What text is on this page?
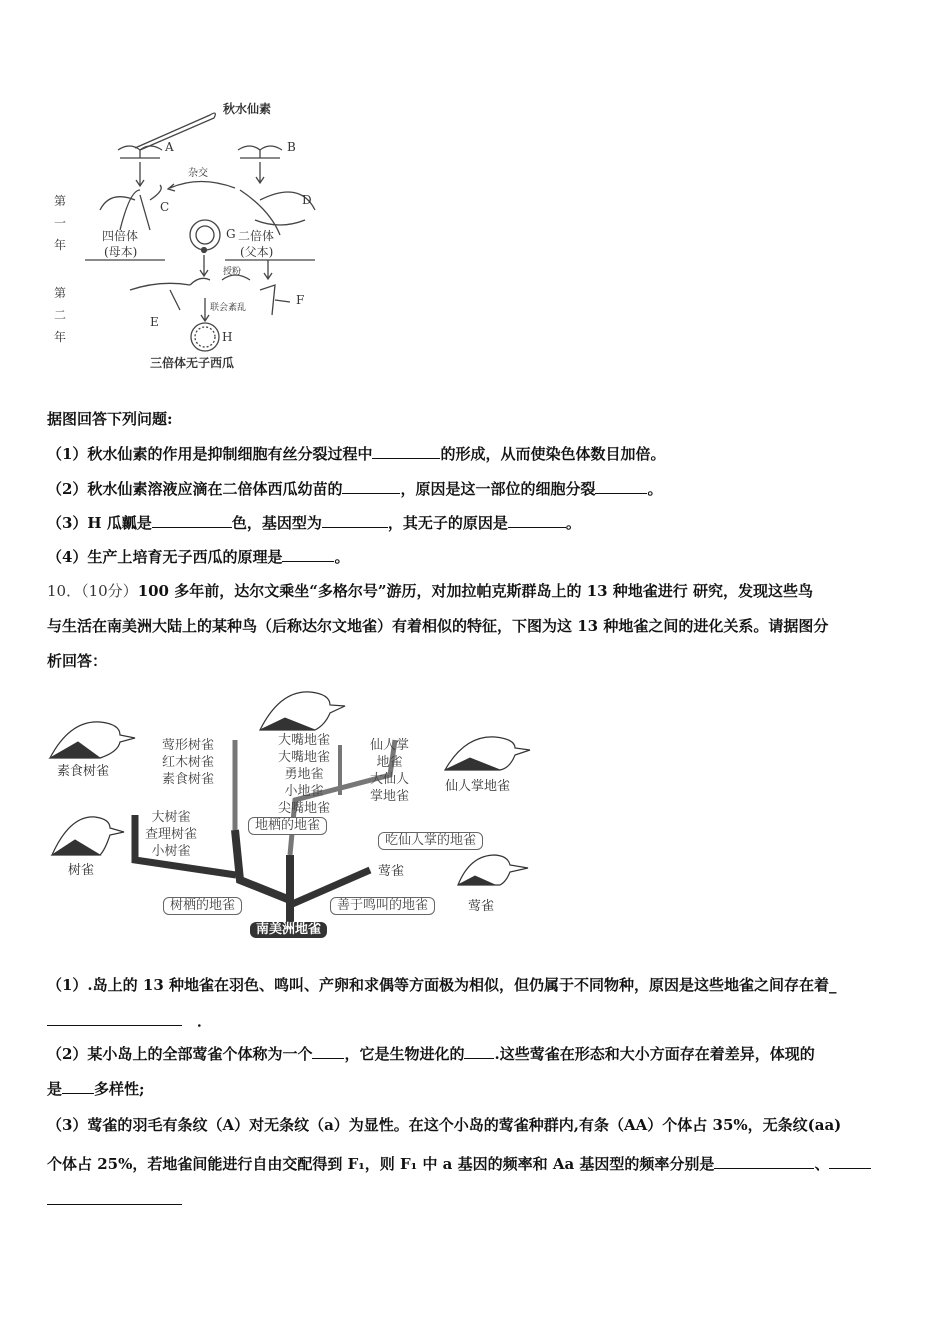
秋水仙素
A	B
杂交
C	D
第一年
四倍体
(母本)
G 二倍体
(父本)
授粉
E
F
联会紊乱
第二年	H
三倍体无子西瓜
据图回答下列问题:
（1）秋水仙素的作用是抑制细胞有丝分裂过程中	的形成，从而使染色体数目加倍。
（2）秋水仙素溶液应滴在二倍体西瓜幼苗的	，原因是这一部位的细胞分裂	。
（3）H 瓜瓤是	色，基因型为	，其无子的原因是	。
（4）生产上培育无子西瓜的原理是	。
10．（10分）100 多年前，达尔文乘坐“多格尔号”游历，对加拉帕克斯群岛上的 13 种地雀进行 研究，发现这些鸟
与生活在南美洲大陆上的某种鸟（后称达尔文地雀）有着相似的特征，下图为这 13 种地雀之间的进化关系。请据图分
析回答：
素食树雀
莺形树雀
红木树雀
素食树雀
大嘴地雀
大嘴地雀
勇地雀
小地雀
尖嘴地雀
仙人掌
地雀
大仙人
掌地雀
仙人掌地雀
地栖的地雀
吃仙人掌的地雀
树雀
大树雀
查理树雀
小树雀
莺雀
莺雀
树栖的地雀	善于鸣叫的地雀
南美洲地雀
（1）.岛上的 13 种地雀在羽色、鸣叫、产卵和求偶等方面极为相似，但仍属于不同物种，原因是这些地雀之间存在着_
．
（2）某小岛上的全部莺雀个体称为一个 ，它是生物进化的 .这些莺雀在形态和大小方面存在着差异，体现的
是 多样性;
（3）莺雀的羽毛有条纹（A）对无条纹（a）为显性。在这个小岛的莺雀种群内,有条（AA）个体占 35%，无条纹(aa)
个体占 25%，若地雀间能进行自由交配得到 F₁，则 F₁ 中 a 基因的频率和 Aa 基因型的频率分别是	、
